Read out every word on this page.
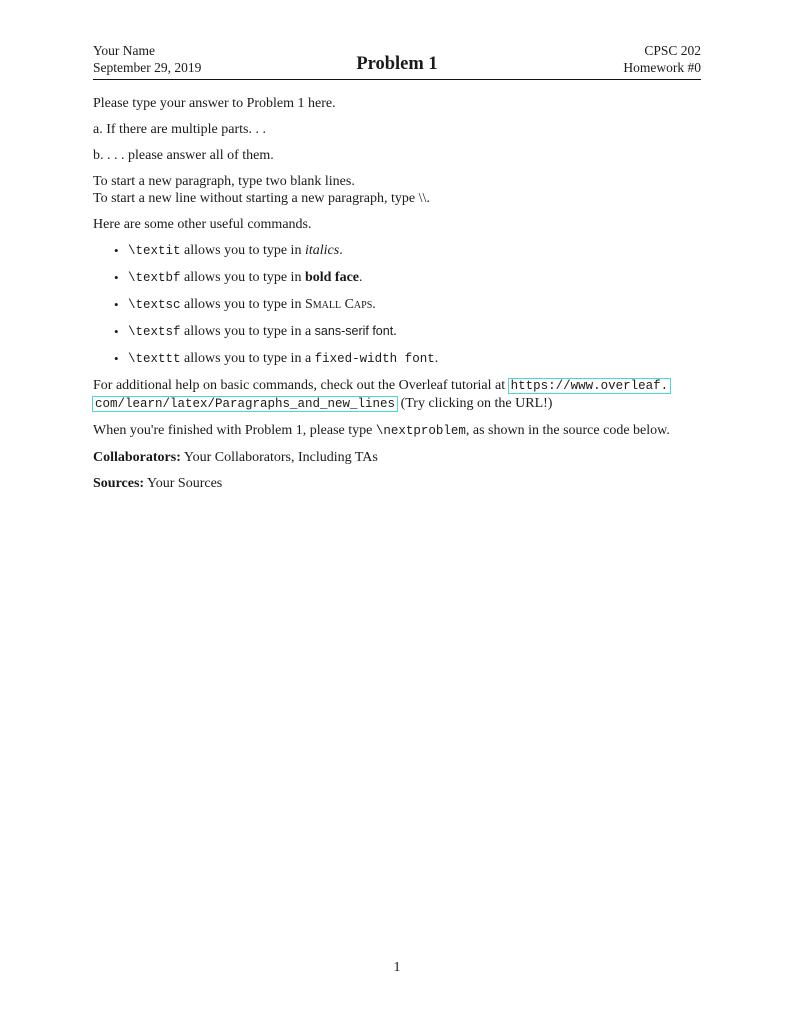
Your Name
September 29, 2019	Problem 1
CPSC 202
Homework #0

Please type your answer to Problem 1 here.

a. If there are multiple parts. . .

b. . . . please answer all of them.

To start a new paragraph, type two blank lines.
To start a new line without starting a new paragraph, type \\.

Here are some other useful commands.

• \textit allows you to type in italics.
• \textbf allows you to type in bold face.
• \textsc allows you to type in Small Caps.
• \textsf allows you to type in a sans-serif font.
• \texttt allows you to type in a fixed-width font.

For additional help on basic commands, check out the Overleaf tutorial at https://www.overleaf.
com/learn/latex/Paragraphs_and_new_lines (Try clicking on the URL!)

When you're finished with Problem 1, please type \nextproblem, as shown in the source code below.

Collaborators: Your Collaborators, Including TAs

Sources: Your Sources

1
